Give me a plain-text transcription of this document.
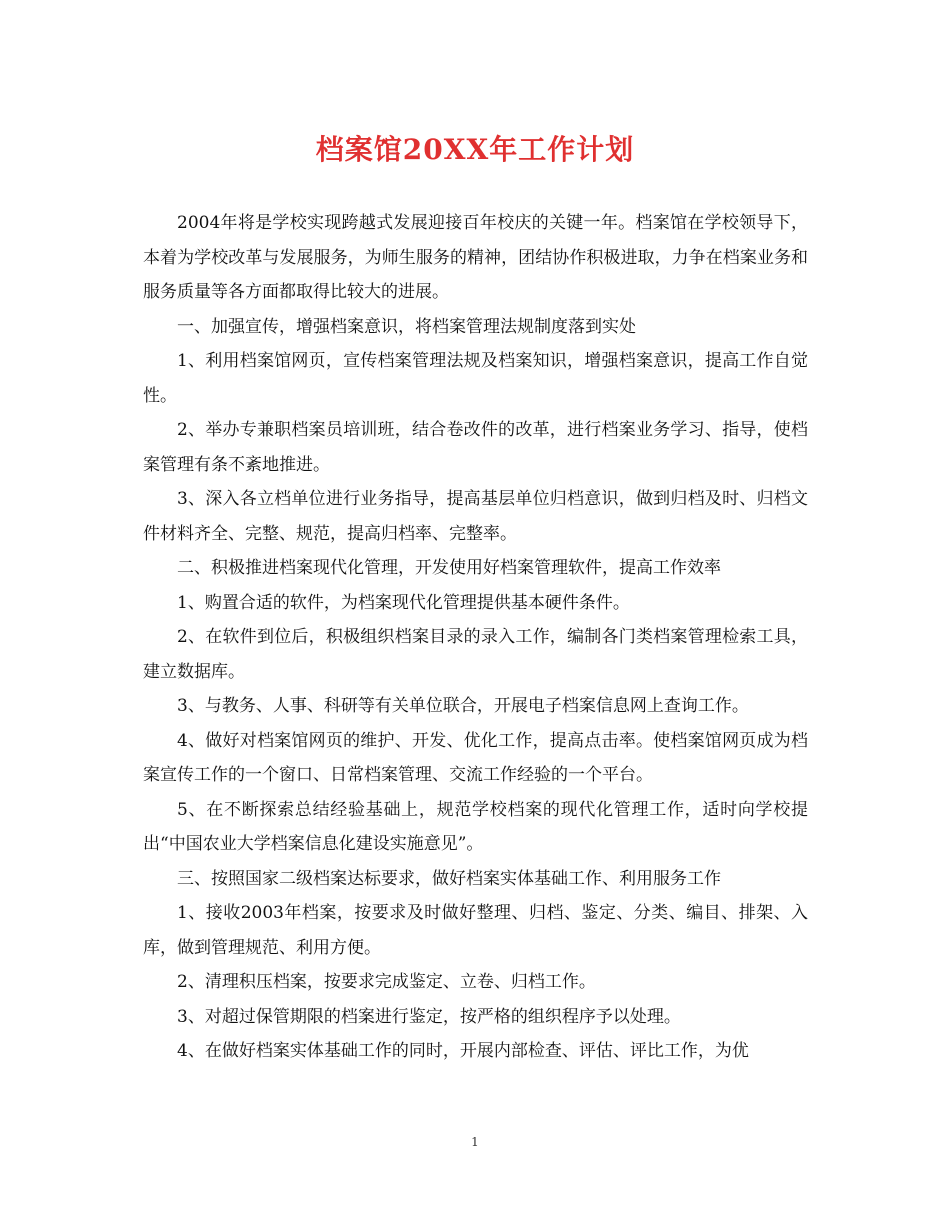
档案馆20XX年工作计划

2004年将是学校实现跨越式发展迎接百年校庆的关键一年。档案馆在学校领导下，本着为学校改革与发展服务，为师生服务的精神，团结协作积极进取，力争在档案业务和服务质量等各方面都取得比较大的进展。

一、加强宣传，增强档案意识，将档案管理法规制度落到实处

1、利用档案馆网页，宣传档案管理法规及档案知识，增强档案意识，提高工作自觉性。

2、举办专兼职档案员培训班，结合卷改件的改革，进行档案业务学习、指导，使档案管理有条不紊地推进。

3、深入各立档单位进行业务指导，提高基层单位归档意识，做到归档及时、归档文件材料齐全、完整、规范，提高归档率、完整率。

二、积极推进档案现代化管理，开发使用好档案管理软件，提高工作效率

1、购置合适的软件，为档案现代化管理提供基本硬件条件。

2、在软件到位后，积极组织档案目录的录入工作，编制各门类档案管理检索工具，建立数据库。

3、与教务、人事、科研等有关单位联合，开展电子档案信息网上查询工作。

4、做好对档案馆网页的维护、开发、优化工作，提高点击率。使档案馆网页成为档案宣传工作的一个窗口、日常档案管理、交流工作经验的一个平台。

5、在不断探索总结经验基础上，规范学校档案的现代化管理工作，适时向学校提出“中国农业大学档案信息化建设实施意见”。

三、按照国家二级档案达标要求，做好档案实体基础工作、利用服务工作

1、接收2003年档案，按要求及时做好整理、归档、鉴定、分类、编目、排架、入库，做到管理规范、利用方便。

2、清理积压档案，按要求完成鉴定、立卷、归档工作。

3、对超过保管期限的档案进行鉴定，按严格的组织程序予以处理。

4、在做好档案实体基础工作的同时，开展内部检查、评估、评比工作，为优

1
